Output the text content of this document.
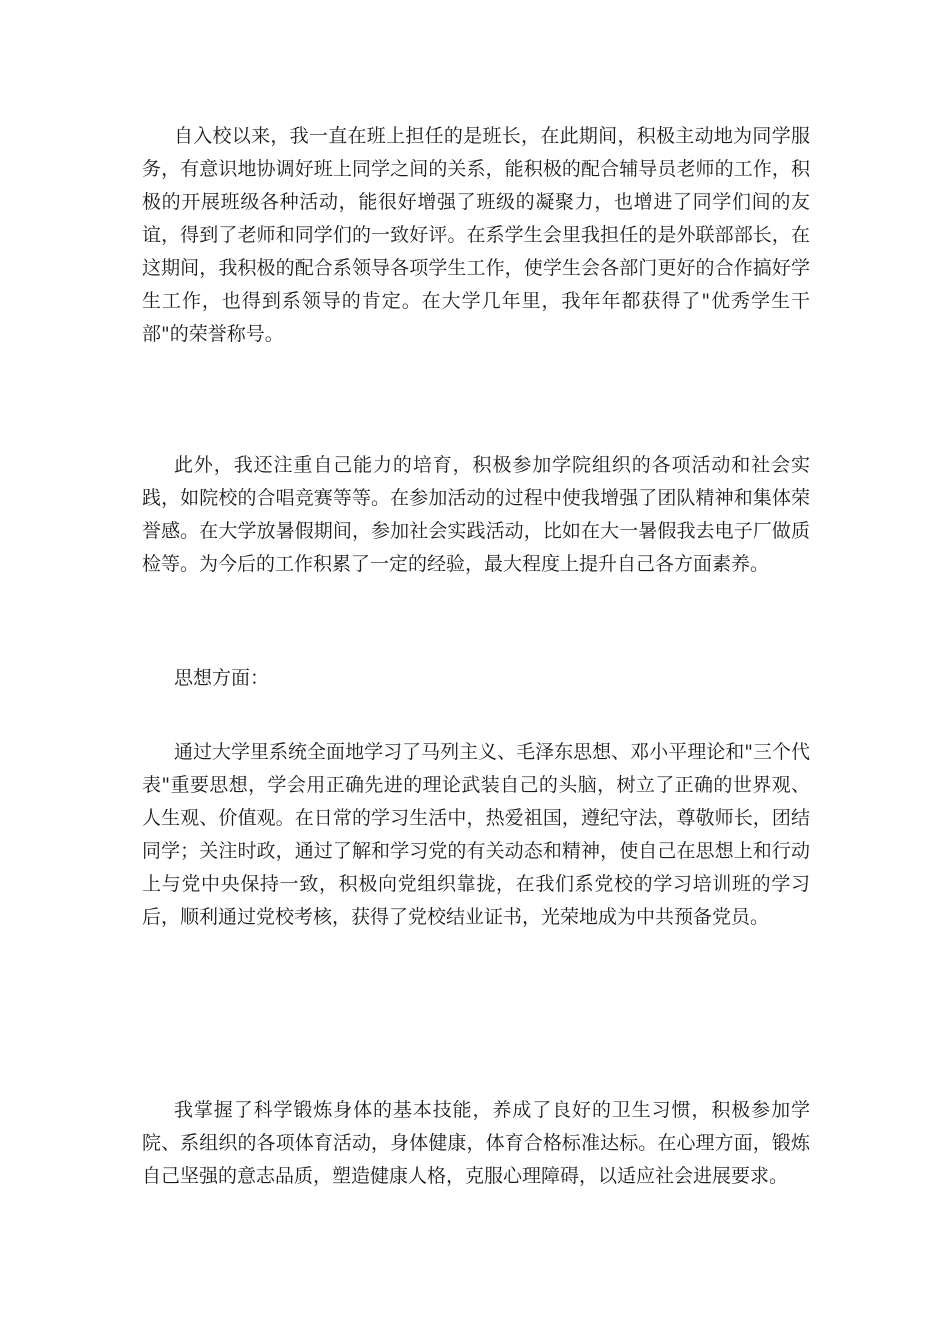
自入校以来，我一直在班上担任的是班长，在此期间，积极主动地为同学服务，有意识地协调好班上同学之间的关系，能积极的配合辅导员老师的工作，积极的开展班级各种活动，能很好增强了班级的凝聚力，也增进了同学们间的友谊，得到了老师和同学们的一致好评。在系学生会里我担任的是外联部部长，在这期间，我积极的配合系领导各项学生工作，使学生会各部门更好的合作搞好学生工作，也得到系领导的肯定。在大学几年里，我年年都获得了"优秀学生干部"的荣誉称号。

此外，我还注重自己能力的培育，积极参加学院组织的各项活动和社会实践，如院校的合唱竞赛等等。在参加活动的过程中使我增强了团队精神和集体荣誉感。在大学放暑假期间，参加社会实践活动，比如在大一暑假我去电子厂做质检等。为今后的工作积累了一定的经验，最大程度上提升自己各方面素养。

思想方面：

通过大学里系统全面地学习了马列主义、毛泽东思想、邓小平理论和"三个代表"重要思想，学会用正确先进的理论武装自己的头脑，树立了正确的世界观、人生观、价值观。在日常的学习生活中，热爱祖国，遵纪守法，尊敬师长，团结同学；关注时政，通过了解和学习党的有关动态和精神，使自己在思想上和行动上与党中央保持一致，积极向党组织靠拢，在我们系党校的学习培训班的学习后，顺利通过党校考核，获得了党校结业证书，光荣地成为中共预备党员。

我掌握了科学锻炼身体的基本技能，养成了良好的卫生习惯，积极参加学院、系组织的各项体育活动，身体健康，体育合格标准达标。在心理方面，锻炼自己坚强的意志品质，塑造健康人格，克服心理障碍，以适应社会进展要求。
